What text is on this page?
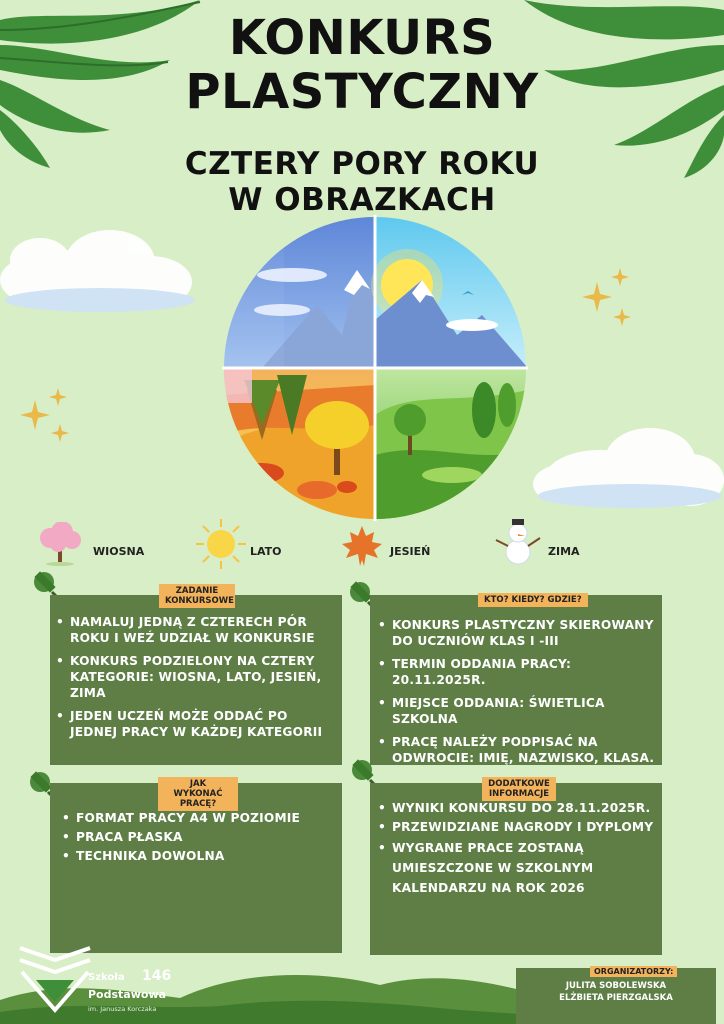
KONKURS
PLASTYCZNY
CZTERY PORY ROKU
W OBRAZKACH
WIOSNA	LATO	JESIEŃ	ZIMA
• NAMALUJ JEDNĄ Z CZTERECH PÓR ROKU I WEŹ UDZIAŁ W KONKURSIE
• KONKURS PODZIELONY NA CZTERY KATEGORIE: WIOSNA, LATO, JESIEŃ, ZIMA
• JEDEN UCZEŃ MOŻE ODDAĆ PO JEDNEJ PRACY W KAŻDEJ KATEGORII
ZADANIE
KONKURSOWE
• KONKURS PLASTYCZNY SKIEROWANY DO UCZNIÓW KLAS I -III
• TERMIN ODDANIA PRACY: 20.11.2025R.
• MIEJSCE ODDANIA: ŚWIETLICA SZKOLNA
• PRACĘ NALEŻY PODPISAĆ NA ODWROCIE: IMIĘ, NAZWISKO, KLASA.
KTO? KIEDY? GDZIE?
• FORMAT PRACY A4 W POZIOMIE
• PRACA PŁASKA
• TECHNIKA DOWOLNA
JAK WYKONAĆ
PRACĘ?
•	WYNIKI KONKURSU DO 28.11.2025R.
• PRZEWIDZIANE NAGRODY I DYPLOMY
• WYGRANE PRACE ZOSTANĄ UMIESZCZONE W SZKOLNYM KALENDARZU NA ROK 2026
DODATKOWE
INFORMACJE
Szkoła 146
Podstawowa
im. Janusza Korczaka
JULITA SOBOLEWSKA
ELŻBIETA PIERZGALSKA
ORGANIZATORZY:
